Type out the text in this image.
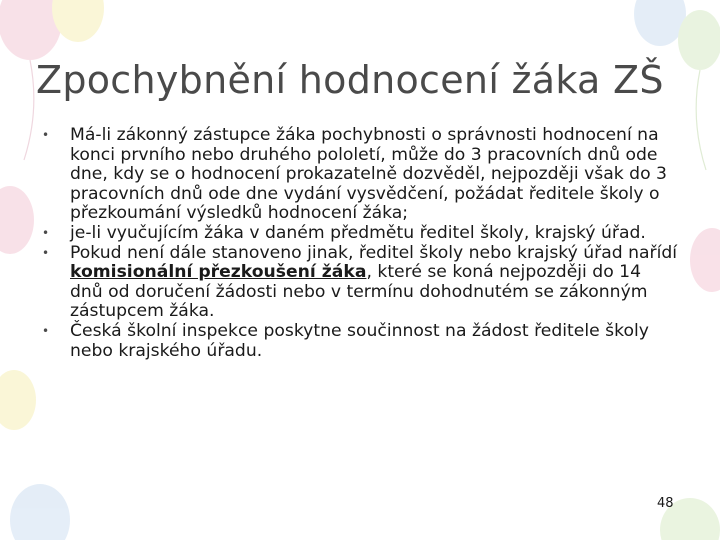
Zpochybnění hodnocení žáka ZŠ
• Má-li zákonný zástupce žáka pochybnosti o správnosti hodnocení na konci prvního nebo druhého pololetí, může do 3 pracovních dnů ode dne, kdy se o hodnocení prokazatelně dozvěděl, nejpozději však do 3 pracovních dnů ode dne vydání vysvědčení, požádat ředitele školy o přezkoumání výsledků hodnocení žáka;
• je-li vyučujícím žáka v daném předmětu ředitel školy, krajský úřad.
• Pokud není dále stanoveno jinak, ředitel školy nebo krajský úřad nařídí komisionální přezkoušení žáka, které se koná nejpozději do 14 dnů od doručení žádosti nebo v termínu dohodnutém se zákonným zástupcem žáka.
• Česká školní inspekce poskytne součinnost na žádost ředitele školy nebo krajského úřadu.
48
